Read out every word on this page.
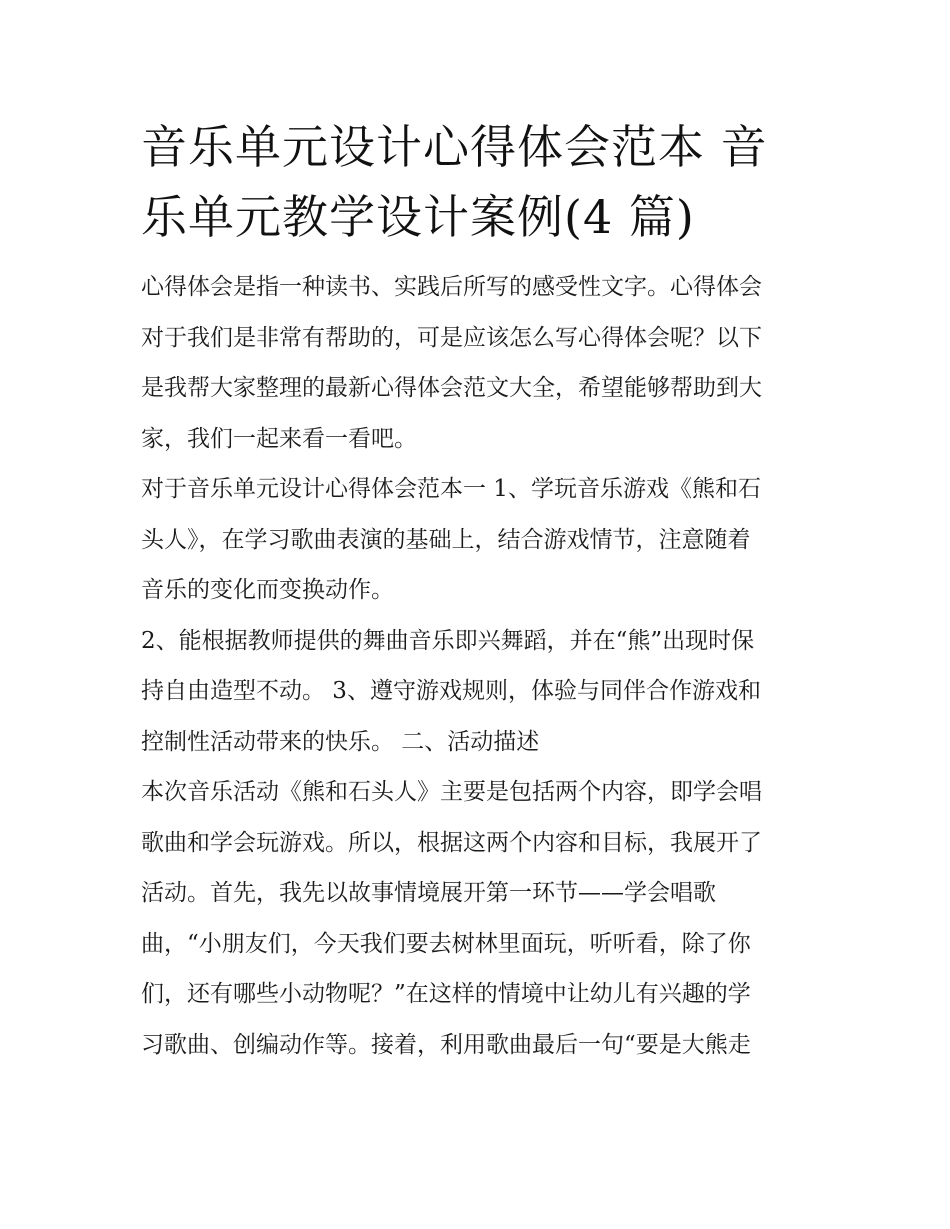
音乐单元设计心得体会范本 音
乐单元教学设计案例(4 篇)
心得体会是指一种读书、实践后所写的感受性文字。心得体会
对于我们是非常有帮助的，可是应该怎么写心得体会呢？以下
是我帮大家整理的最新心得体会范文大全，希望能够帮助到大
家，我们一起来看一看吧。
对于音乐单元设计心得体会范本一 1、学玩音乐游戏《熊和石
头人》，在学习歌曲表演的基础上，结合游戏情节，注意随着
音乐的变化而变换动作。
2、能根据教师提供的舞曲音乐即兴舞蹈，并在“熊”出现时保
持自由造型不动。 3、遵守游戏规则，体验与同伴合作游戏和
控制性活动带来的快乐。 二、活动描述
本次音乐活动《熊和石头人》主要是包括两个内容，即学会唱
歌曲和学会玩游戏。所以，根据这两个内容和目标，我展开了
活动。首先，我先以故事情境展开第一环节——学会唱歌
曲，“小朋友们，今天我们要去树林里面玩，听听看，除了你
们，还有哪些小动物呢？”在这样的情境中让幼儿有兴趣的学
习歌曲、创编动作等。接着，利用歌曲最后一句“要是大熊走
